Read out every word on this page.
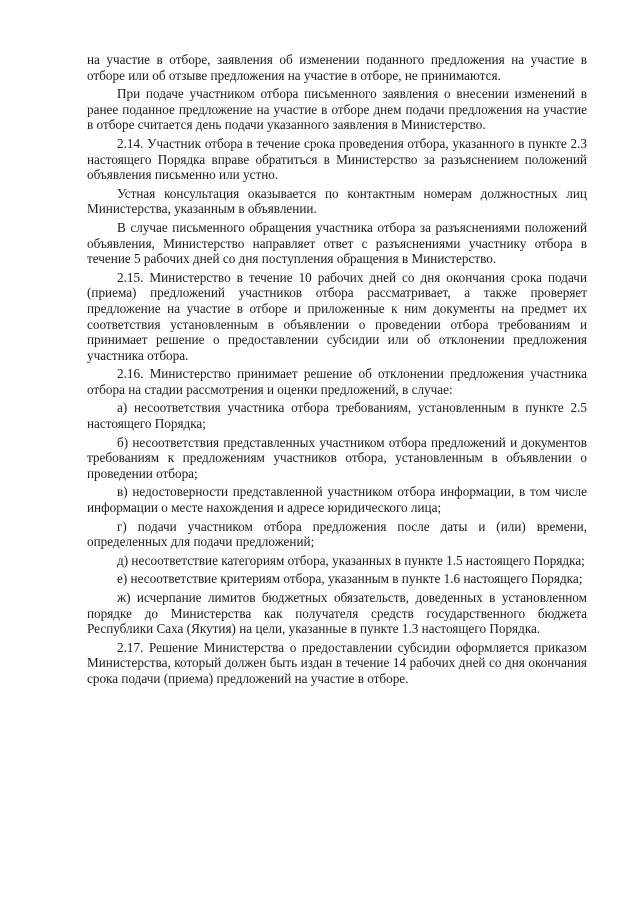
на участие в отборе, заявления об изменении поданного предложения на участие в отборе или об отзыве предложения на участие в отборе, не принимаются.

При подаче участником отбора письменного заявления о внесении изменений в ранее поданное предложение на участие в отборе днем подачи предложения на участие в отборе считается день подачи указанного заявления в Министерство.

2.14. Участник отбора в течение срока проведения отбора, указанного в пункте 2.3 настоящего Порядка вправе обратиться в Министерство за разъяснением положений объявления письменно или устно.

Устная консультация оказывается по контактным номерам должностных лиц Министерства, указанным в объявлении.

В случае письменного обращения участника отбора за разъяснениями положений объявления, Министерство направляет ответ с разъяснениями участнику отбора в течение 5 рабочих дней со дня поступления обращения в Министерство.

2.15. Министерство в течение 10 рабочих дней со дня окончания срока подачи (приема) предложений участников отбора рассматривает, а также проверяет предложение на участие в отборе и приложенные к ним документы на предмет их соответствия установленным в объявлении о проведении отбора требованиям и принимает решение о предоставлении субсидии или об отклонении предложения участника отбора.

2.16. Министерство принимает решение об отклонении предложения участника отбора на стадии рассмотрения и оценки предложений, в случае:

а) несоответствия участника отбора требованиям, установленным в пункте 2.5 настоящего Порядка;

б) несоответствия представленных участником отбора предложений и документов требованиям к предложениям участников отбора, установленным в объявлении о проведении отбора;

в) недостоверности представленной участником отбора информации, в том числе информации о месте нахождения и адресе юридического лица;

г) подачи участником отбора предложения после даты и (или) времени, определенных для подачи предложений;

д) несоответствие категориям отбора, указанных в пункте 1.5 настоящего Порядка;

е) несоответствие критериям отбора, указанным в пункте 1.6 настоящего Порядка;

ж) исчерпание лимитов бюджетных обязательств, доведенных в установленном порядке до Министерства как получателя средств государственного бюджета Республики Саха (Якутия) на цели, указанные в пункте 1.3 настоящего Порядка.

2.17. Решение Министерства о предоставлении субсидии оформляется приказом Министерства, который должен быть издан в течение 14 рабочих дней со дня окончания срока подачи (приема) предложений на участие в отборе.
